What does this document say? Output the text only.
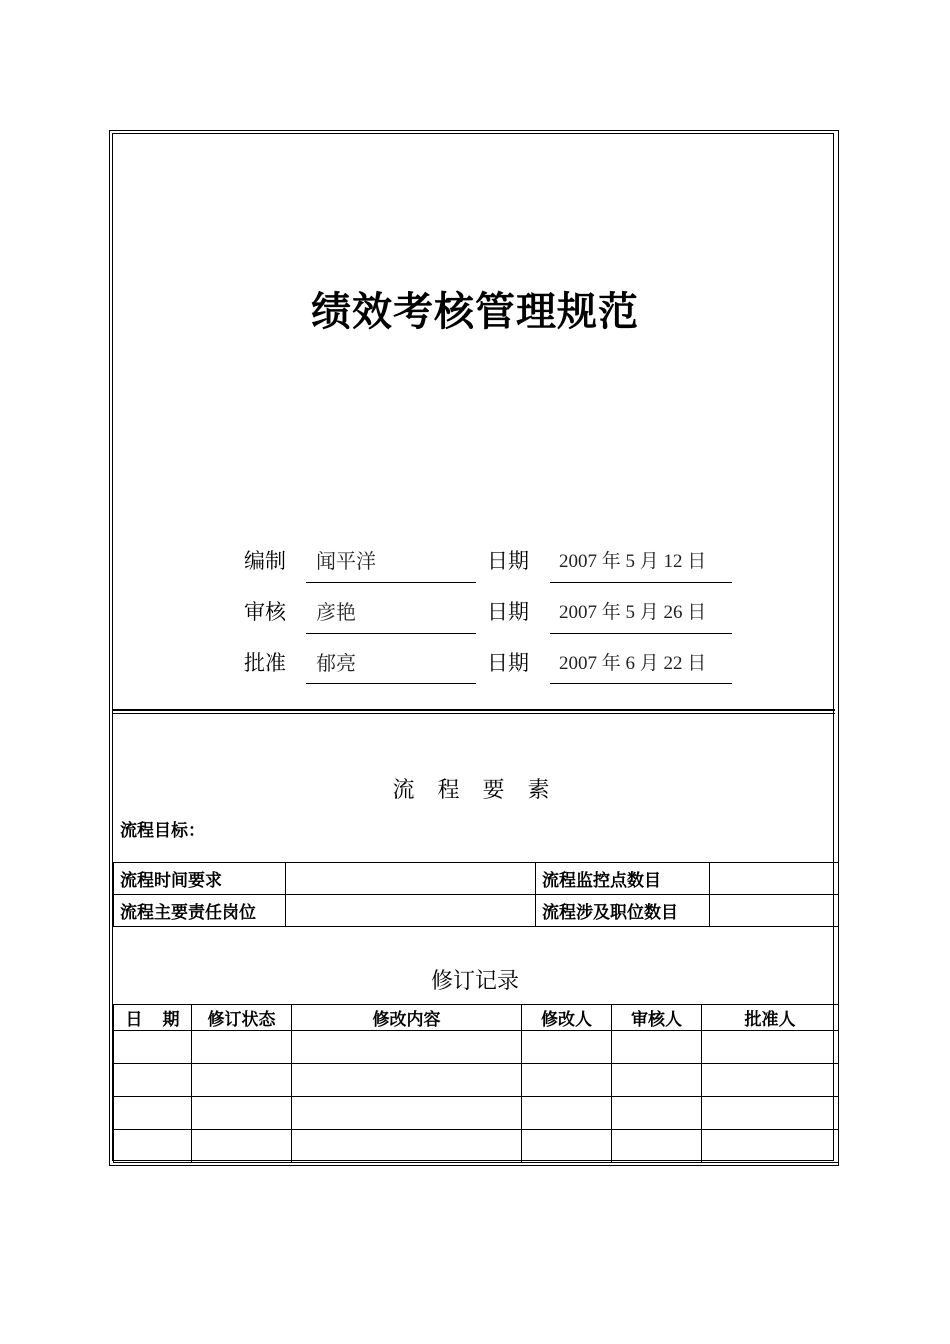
绩效考核管理规范
编制 闻平洋	日期 2007 年 5 月 12 日
审核 彦艳	日期 2007 年 5 月 26 日
批准 郁亮	日期 2007 年 6 月 22 日
流 程 要 素
流程目标：
流程时间要求		流程监控点数目	
流程主要责任岗位		流程涉及职位数目	
修订记录
日期	修订状态	修改内容	修改人	审核人	批准人
